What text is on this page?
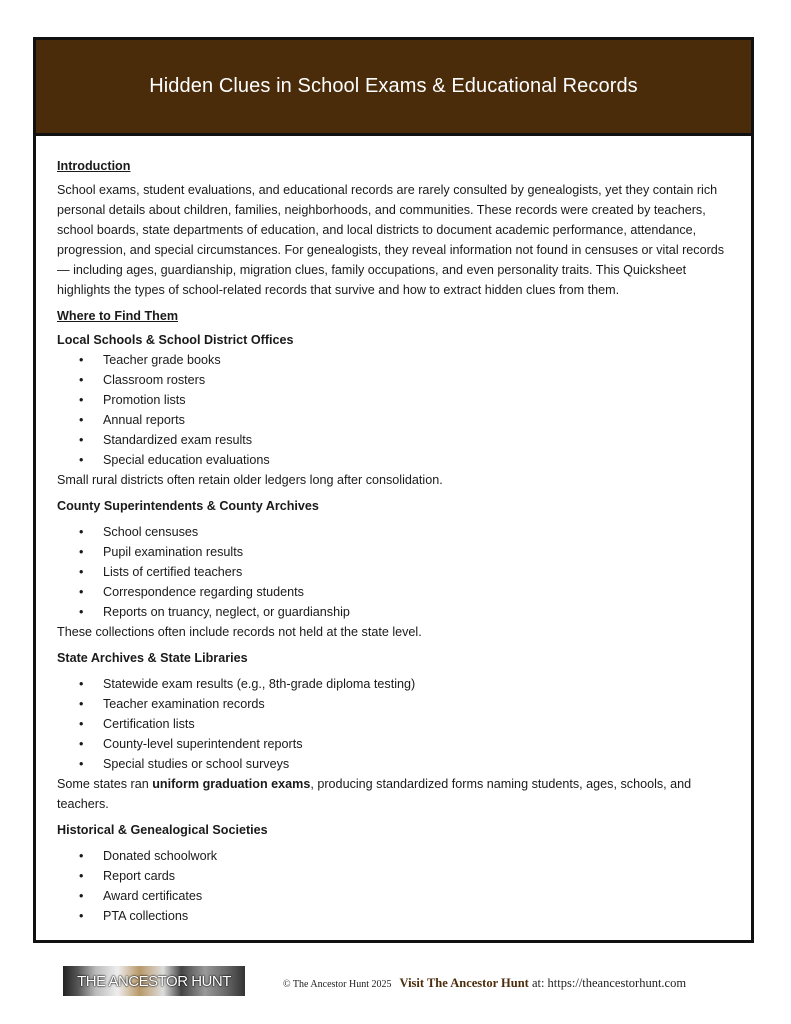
Hidden Clues in School Exams & Educational Records

Introduction

School exams, student evaluations, and educational records are rarely consulted by genealogists, yet they contain rich personal details about children, families, neighborhoods, and communities. These records were created by teachers, school boards, state departments of education, and local districts to document academic performance, attendance, progression, and special circumstances. For genealogists, they reveal information not found in censuses or vital records — including ages, guardianship, migration clues, family occupations, and even personality traits. This Quicksheet highlights the types of school-related records that survive and how to extract hidden clues from them.

Where to Find Them

Local Schools & School District Offices

• Teacher grade books
• Classroom rosters
• Promotion lists
• Annual reports
• Standardized exam results
• Special education evaluations

Small rural districts often retain older ledgers long after consolidation.

County Superintendents & County Archives

• School censuses
• Pupil examination results
• Lists of certified teachers
• Correspondence regarding students
• Reports on truancy, neglect, or guardianship

These collections often include records not held at the state level.

State Archives & State Libraries

• Statewide exam results (e.g., 8th-grade diploma testing)
• Teacher examination records
• Certification lists
• County-level superintendent reports
• Special studies or school surveys

Some states ran uniform graduation exams, producing standardized forms naming students, ages, schools, and teachers.

Historical & Genealogical Societies

• Donated schoolwork
• Report cards
• Award certificates
• PTA collections
THE ANCESTOR HUNT	© The Ancestor Hunt 2025 Visit The Ancestor Hunt at: https://theancestorhunt.com
